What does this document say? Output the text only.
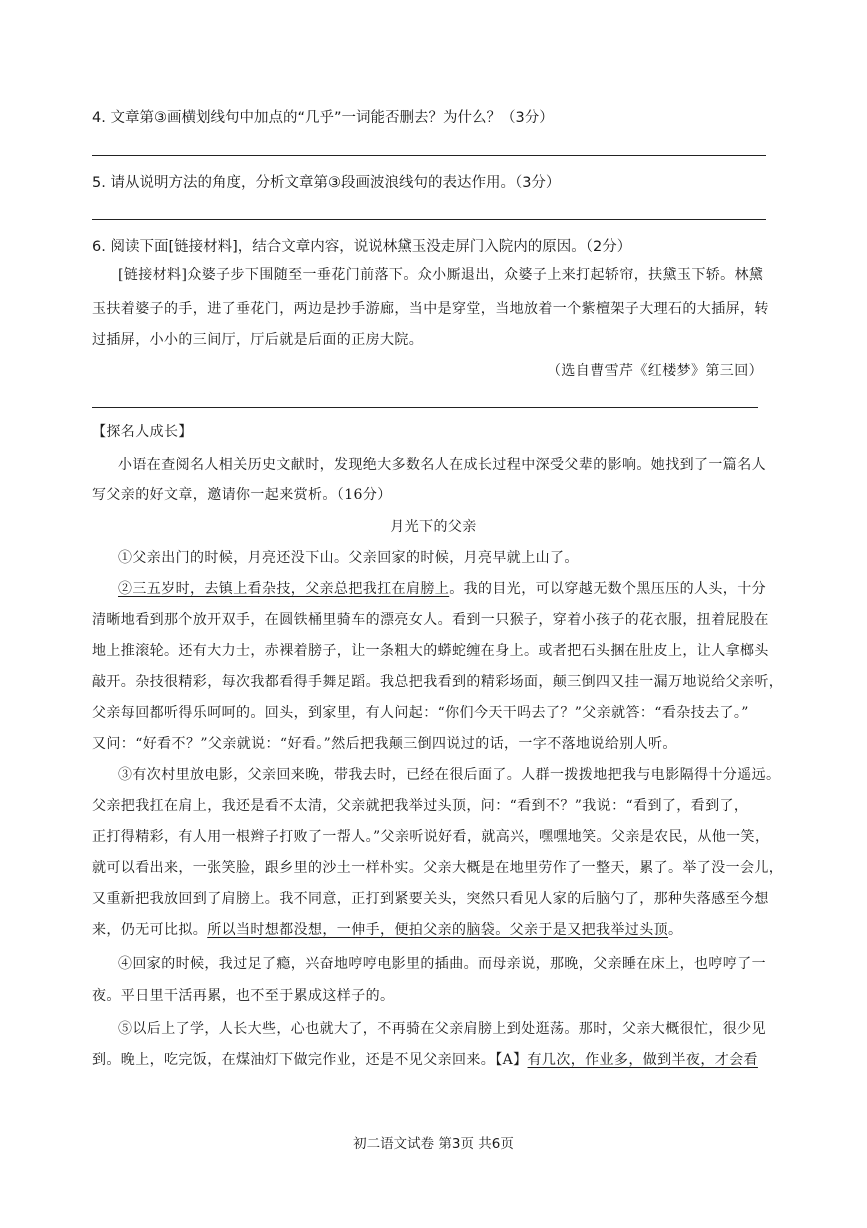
4. 文章第③画横划线句中加点的“几乎”一词能否删去？为什么？（3分）
5. 请从说明方法的角度，分析文章第③段画波浪线句的表达作用。（3分）
6. 阅读下面[链接材料]，结合文章内容，说说林黛玉没走屏门入院内的原因。（2分）
[链接材料]众婆子步下围随至一垂花门前落下。众小厮退出，众婆子上来打起轿帘，扶黛玉下轿。林黛
玉扶着婆子的手，进了垂花门，两边是抄手游廊，当中是穿堂，当地放着一个紫檀架子大理石的大插屏，转
过插屏，小小的三间厅，厅后就是后面的正房大院。
（选自曹雪芹《红楼梦》第三回）
【探名人成长】
小语在查阅名人相关历史文献时，发现绝大多数名人在成长过程中深受父辈的影响。她找到了一篇名人
写父亲的好文章，邀请你一起来赏析。（16分）
月光下的父亲
①父亲出门的时候，月亮还没下山。父亲回家的时候，月亮早就上山了。
②三五岁时，去镇上看杂技，父亲总把我扛在肩膀上。我的目光，可以穿越无数个黑压压的人头，十分
清晰地看到那个放开双手，在圆铁桶里骑车的漂亮女人。看到一只猴子，穿着小孩子的花衣服，扭着屁股在
地上推滚轮。还有大力士，赤裸着膀子，让一条粗大的蟒蛇缠在身上。或者把石头捆在肚皮上，让人拿榔头
敲开。杂技很精彩，每次我都看得手舞足蹈。我总把我看到的精彩场面，颠三倒四又挂一漏万地说给父亲听，
父亲每回都听得乐呵呵的。回头，到家里，有人问起：“你们今天干吗去了？”父亲就答：“看杂技去了。”
又问：“好看不？”父亲就说：“好看。”然后把我颠三倒四说过的话，一字不落地说给别人听。
③有次村里放电影，父亲回来晚，带我去时，已经在很后面了。人群一拨拨地把我与电影隔得十分遥远。
父亲把我扛在肩上，我还是看不太清，父亲就把我举过头顶，问：“看到不？”我说：“看到了，看到了，
正打得精彩，有人用一根辫子打败了一帮人。”父亲听说好看，就高兴，嘿嘿地笑。父亲是农民，从他一笑，
就可以看出来，一张笑脸，跟乡里的沙土一样朴实。父亲大概是在地里劳作了一整天，累了。举了没一会儿，
又重新把我放回到了肩膀上。我不同意，正打到紧要关头，突然只看见人家的后脑勺了，那种失落感至今想
来，仍无可比拟。所以当时想都没想，一伸手，便拍父亲的脑袋。父亲于是又把我举过头顶。
④回家的时候，我过足了瘾，兴奋地哼哼电影里的插曲。而母亲说，那晚，父亲睡在床上，也哼哼了一
夜。平日里干活再累，也不至于累成这样子的。
⑤以后上了学，人长大些，心也就大了，不再骑在父亲肩膀上到处逛荡。那时，父亲大概很忙，很少见
到。晚上，吃完饭，在煤油灯下做完作业，还是不见父亲回来。【A】有几次，作业多，做到半夜，才会看
初二语文试卷 第3页 共6页
